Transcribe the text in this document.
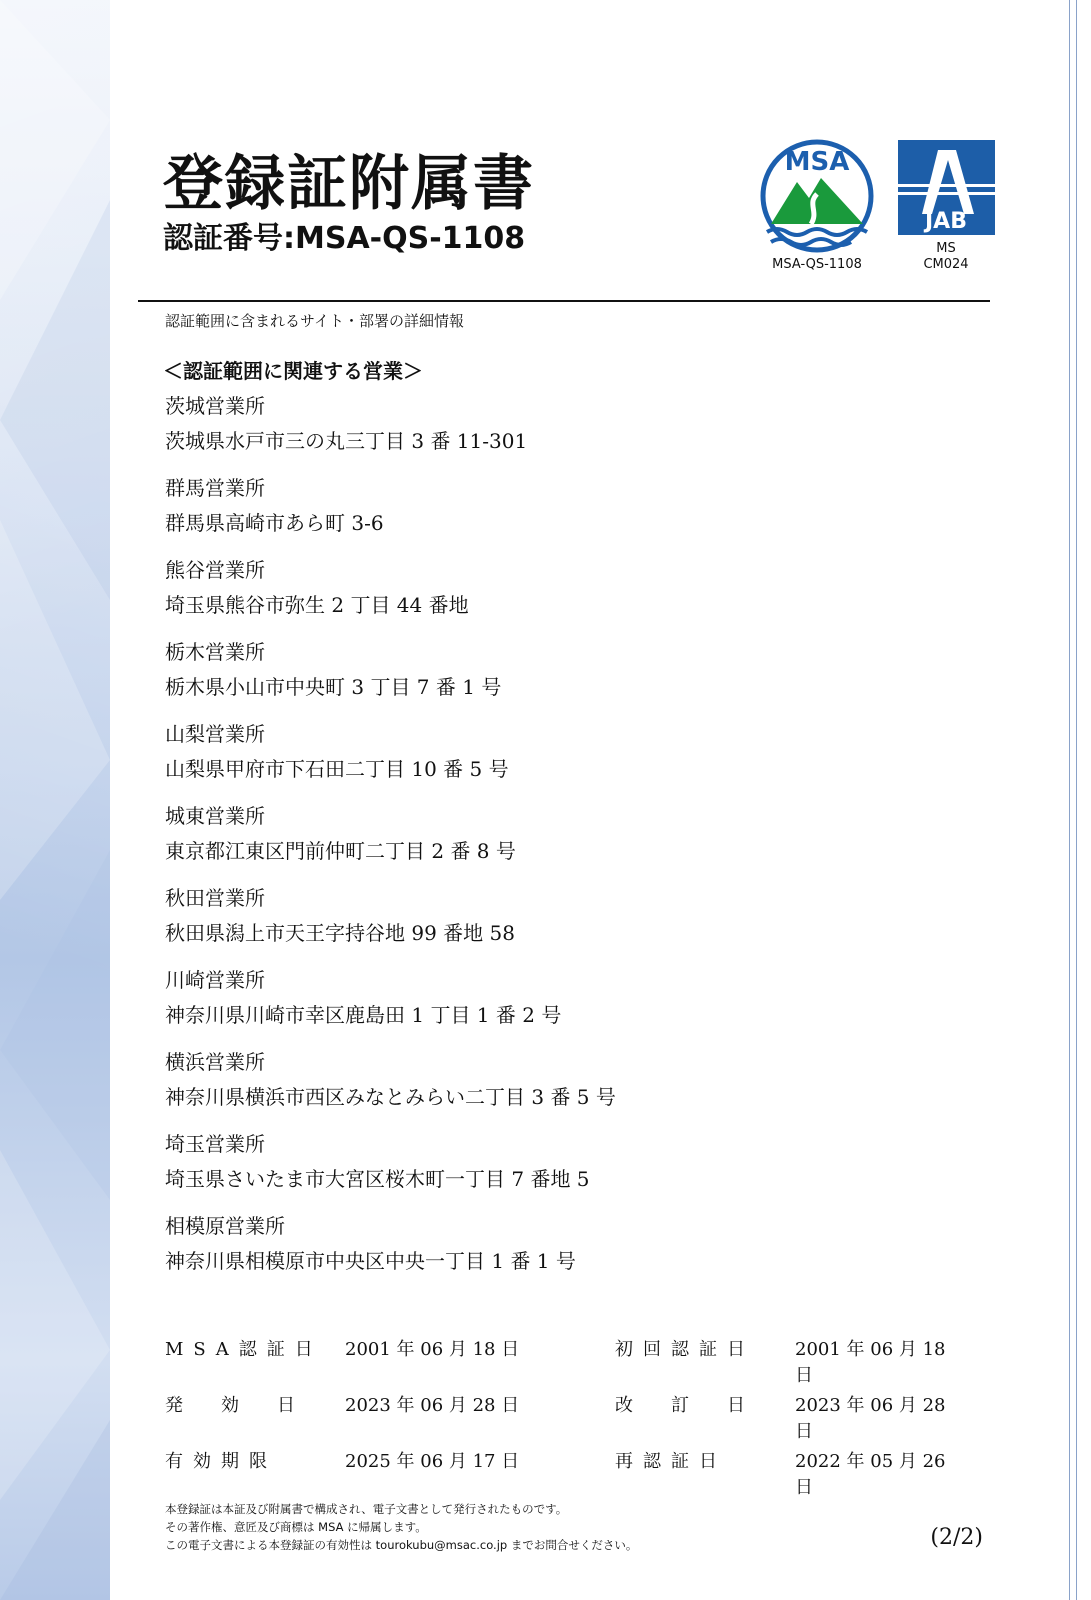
登録証附属書
認証番号:MSA-QS-1108
MSA
MSA-QS-1108
JAB
MS
CM024
認証範囲に含まれるサイト・部署の詳細情報
＜認証範囲に関連する営業＞
茨城営業所
茨城県水戸市三の丸三丁目 3 番 11-301
群馬営業所
群馬県高崎市あら町 3-6
熊谷営業所
埼玉県熊谷市弥生 2 丁目 44 番地
栃木営業所
栃木県小山市中央町 3 丁目 7 番 1 号
山梨営業所
山梨県甲府市下石田二丁目 10 番 5 号
城東営業所
東京都江東区門前仲町二丁目 2 番 8 号
秋田営業所
秋田県潟上市天王字持谷地 99 番地 58
川崎営業所
神奈川県川崎市幸区鹿島田 1 丁目 1 番 2 号
横浜営業所
神奈川県横浜市西区みなとみらい二丁目 3 番 5 号
埼玉営業所
埼玉県さいたま市大宮区桜木町一丁目 7 番地 5
相模原営業所
神奈川県相模原市中央区中央一丁目 1 番 1 号
MSA認証日	2001 年 06 月 18 日	初回認証日	2001 年 06 月 18 日
発　効　日	2023 年 06 月 28 日	改　訂　日	2023 年 06 月 28 日
有効期限	2025 年 06 月 17 日	再認証日	2022 年 05 月 26 日
本登録証は本証及び附属書で構成され、電子文書として発行されたものです。
その著作権、意匠及び商標は MSA に帰属します。
この電子文書による本登録証の有効性は tourokubu@msac.co.jp までお問合せください。	(2/2)
